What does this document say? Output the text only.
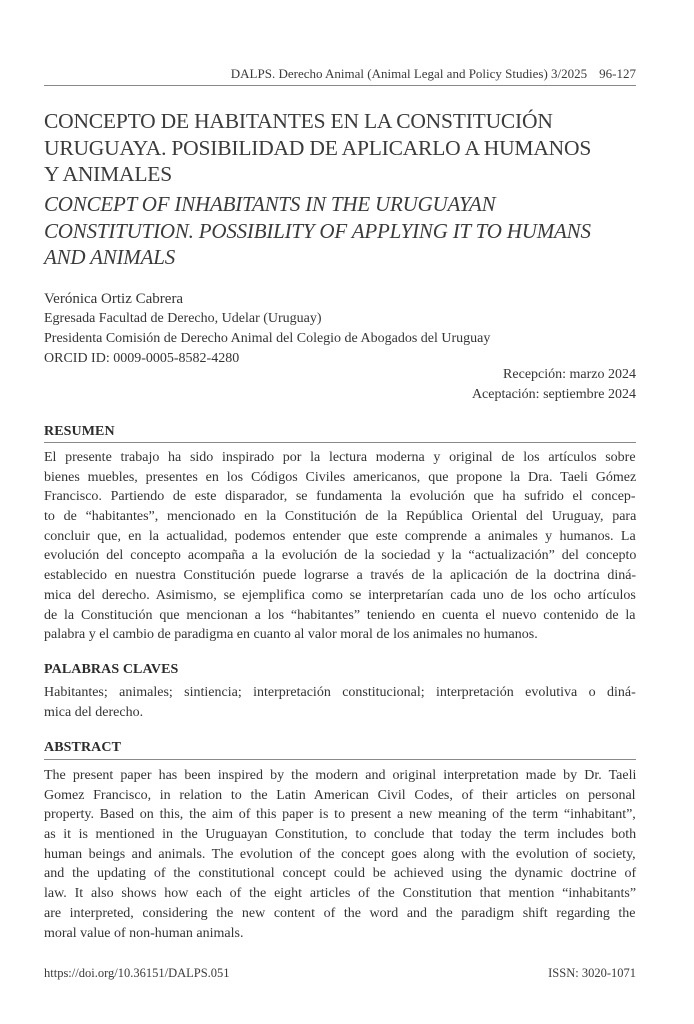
DALPS. Derecho Animal (Animal Legal and Policy Studies) 3/2025 96-127
CONCEPTO DE HABITANTES EN LA CONSTITUCIÓN
URUGUAYA. POSIBILIDAD DE APLICARLO A HUMANOS
Y ANIMALES
CONCEPT OF INHABITANTS IN THE URUGUAYAN
CONSTITUTION. POSSIBILITY OF APPLYING IT TO HUMANS
AND ANIMALS
Verónica Ortiz Cabrera
Egresada Facultad de Derecho, Udelar (Uruguay)
Presidenta Comisión de Derecho Animal del Colegio de Abogados del Uruguay
ORCID ID: 0009-0005-8582-4280
Recepción: marzo 2024
Aceptación: septiembre 2024
RESUMEN
El presente trabajo ha sido inspirado por la lectura moderna y original de los artículos sobre
bienes muebles, presentes en los Códigos Civiles americanos, que propone la Dra. Taeli Gómez
Francisco. Partiendo de este disparador, se fundamenta la evolución que ha sufrido el concep-
to de “habitantes”, mencionado en la Constitución de la República Oriental del Uruguay, para
concluir que, en la actualidad, podemos entender que este comprende a animales y humanos. La
evolución del concepto acompaña a la evolución de la sociedad y la “actualización” del concepto
establecido en nuestra Constitución puede lograrse a través de la aplicación de la doctrina diná-
mica del derecho. Asimismo, se ejemplifica como se interpretarían cada uno de los ocho artículos
de la Constitución que mencionan a los “habitantes” teniendo en cuenta el nuevo contenido de la
palabra y el cambio de paradigma en cuanto al valor moral de los animales no humanos.
PALABRAS CLAVES
Habitantes; animales; sintiencia; interpretación constitucional; interpretación evolutiva o diná-
mica del derecho.
ABSTRACT
The present paper has been inspired by the modern and original interpretation made by Dr. Taeli
Gomez Francisco, in relation to the Latin American Civil Codes, of their articles on personal
property. Based on this, the aim of this paper is to present a new meaning of the term “inhabitant”,
as it is mentioned in the Uruguayan Constitution, to conclude that today the term includes both
human beings and animals. The evolution of the concept goes along with the evolution of society,
and the updating of the constitutional concept could be achieved using the dynamic doctrine of
law. It also shows how each of the eight articles of the Constitution that mention “inhabitants”
are interpreted, considering the new content of the word and the paradigm shift regarding the
moral value of non-human animals.
https://doi.org/10.36151/DALPS.051	ISSN: 3020-1071
